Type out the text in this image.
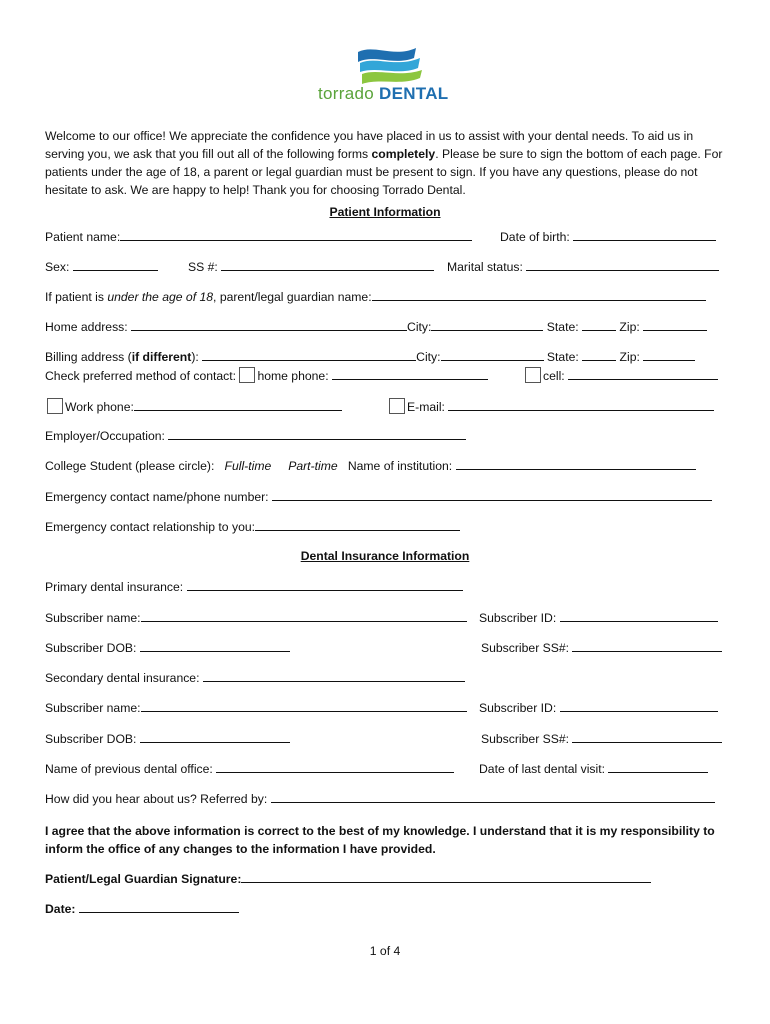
torrado DENTAL
Welcome to our office! We appreciate the confidence you have placed in us to assist with your dental needs. To aid us in serving you, we ask that you fill out all of the following forms completely. Please be sure to sign the bottom of each page. For patients under the age of 18, a parent or legal guardian must be present to sign. If you have any questions, please do not hesitate to ask. We are happy to help! Thank you for choosing Torrado Dental.
Patient Information
Patient name:	Date of birth:
Sex:	SS #:	Marital status:
If patient is under the age of 18, parent/legal guardian name:
Home address:	City:	State:	Zip:
Billing address (if different):	City:	State:	Zip:
Check preferred method of contact: home phone:	cell:
Work phone:	E-mail:
Employer/Occupation:
College Student (please circle): Full-time Part-time Name of institution:
Emergency contact name/phone number:
Emergency contact relationship to you:
Dental Insurance Information
Primary dental insurance:
Subscriber name:	Subscriber ID:
Subscriber DOB:	Subscriber SS#:
Secondary dental insurance:
Subscriber name:	Subscriber ID:
Subscriber DOB:	Subscriber SS#:
Name of previous dental office:	Date of last dental visit:
How did you hear about us? Referred by:
I agree that the above information is correct to the best of my knowledge. I understand that it is my responsibility to inform the office of any changes to the information I have provided.
Patient/Legal Guardian Signature:
Date:
1 of 4
